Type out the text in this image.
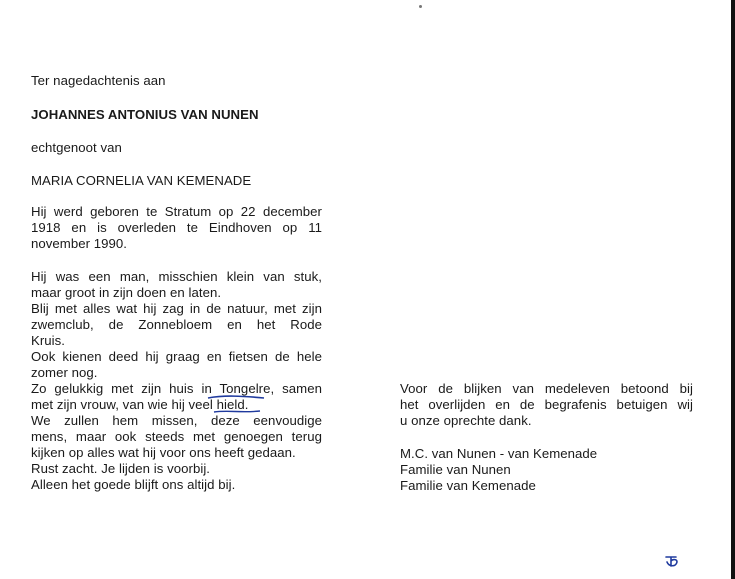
Ter nagedachtenis aan
JOHANNES ANTONIUS VAN NUNEN
echtgenoot van
MARIA CORNELIA VAN KEMENADE
Hij werd geboren te Stratum op 22 december
1918 en is overleden te Eindhoven op 11
november 1990.
Hij was een man, misschien klein van stuk,
maar groot in zijn doen en laten.
Blij met alles wat hij zag in de natuur, met zijn
zwemclub, de Zonnebloem en het Rode
Kruis.
Ook kienen deed hij graag en fietsen de hele
zomer nog.
Zo gelukkig met zijn huis in Tongelre, samen
met zijn vrouw, van wie hij veel hield.
We zullen hem missen, deze eenvoudige
mens, maar ook steeds met genoegen terug
kijken op alles wat hij voor ons heeft gedaan.
Rust zacht. Je lijden is voorbij.
Alleen het goede blijft ons altijd bij.
Voor de blijken van medeleven betoond bij
het overlijden en de begrafenis betuigen wij
u onze oprechte dank.
M.C. van Nunen - van Kemenade
Familie van Nunen
Familie van Kemenade
